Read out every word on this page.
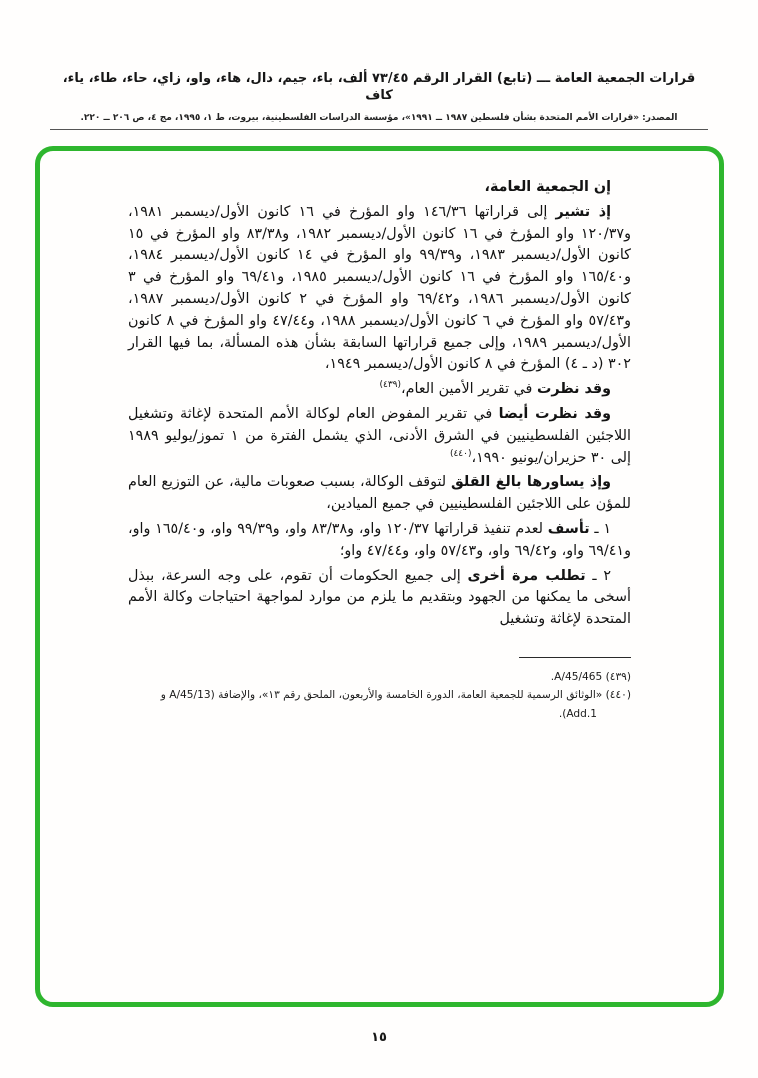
قرارات الجمعية العامة ـــ (تابع) القرار الرقم ٧٣/٤٥ ألف، باء، جيم، دال، هاء، واو، زاي، حاء، طاء، ياء، كاف
المصدر: «قرارات الأمم المتحدة بشأن فلسطين ١٩٨٧ ــ ١٩٩١»، مؤسسة الدراسات الفلسطينية، بيروت، ط ١، ١٩٩٥، مج ٤، ص ٢٠٦ ــ ٢٢٠.

إن الجمعية العامة،

إذ تشير إلى قراراتها ١٤٦/٣٦ واو المؤرخ في ١٦ كانون الأول/ديسمبر ١٩٨١، و١٢٠/٣٧ واو المؤرخ في ١٦ كانون الأول/ديسمبر ١٩٨٢، و٨٣/٣٨ واو المؤرخ في ١٥ كانون الأول/ديسمبر ١٩٨٣، و٩٩/٣٩ واو المؤرخ في ١٤ كانون الأول/ديسمبر ١٩٨٤، و١٦٥/٤٠ واو المؤرخ في ١٦ كانون الأول/ديسمبر ١٩٨٥، و٦٩/٤١ واو المؤرخ في ٣ كانون الأول/ديسمبر ١٩٨٦، و٦٩/٤٢ واو المؤرخ في ٢ كانون الأول/ديسمبر ١٩٨٧، و٥٧/٤٣ واو المؤرخ في ٦ كانون الأول/ديسمبر ١٩٨٨، و٤٧/٤٤ واو المؤرخ في ٨ كانون الأول/ديسمبر ١٩٨٩، وإلى جميع قراراتها السابقة بشأن هذه المسألة، بما فيها القرار ٣٠٢ (د ـ ٤) المؤرخ في ٨ كانون الأول/ديسمبر ١٩٤٩،

وقد نظرت في تقرير الأمين العام،$^{(٤٣٩)}$

وقد نظرت أيضا في تقرير المفوض العام لوكالة الأمم المتحدة لإغاثة وتشغيل اللاجئين الفلسطينيين في الشرق الأدنى، الذي يشمل الفترة من ١ تموز/يوليو ١٩٨٩ إلى ٣٠ حزيران/يونيو ١٩٩٠،$^{(٤٤٠)}$

وإذ يساورها بالغ القلق لتوقف الوكالة، بسبب صعوبات مالية، عن التوزيع العام للمؤن على اللاجئين الفلسطينيين في جميع الميادين،

١ ـ تأسف لعدم تنفيذ قراراتها ١٢٠/٣٧ واو، و٨٣/٣٨ واو، و٩٩/٣٩ واو، و١٦٥/٤٠ واو، و٦٩/٤١ واو، و٦٩/٤٢ واو، و٥٧/٤٣ واو، و٤٧/٤٤ واو؛

٢ ـ تطلب مرة أخرى إلى جميع الحكومات أن تقوم، على وجه السرعة، ببذل أسخى ما يمكنها من الجهود وبتقديم ما يلزم من موارد لمواجهة احتياجات وكالة الأمم المتحدة لإغاثة وتشغيل

(٤٣٩) A/45/465.
(٤٤٠) «الوثائق الرسمية للجمعية العامة، الدورة الخامسة والأربعون، الملحق رقم ١٣»، والإضافة (A/45/13 و Add.1).
١٥
